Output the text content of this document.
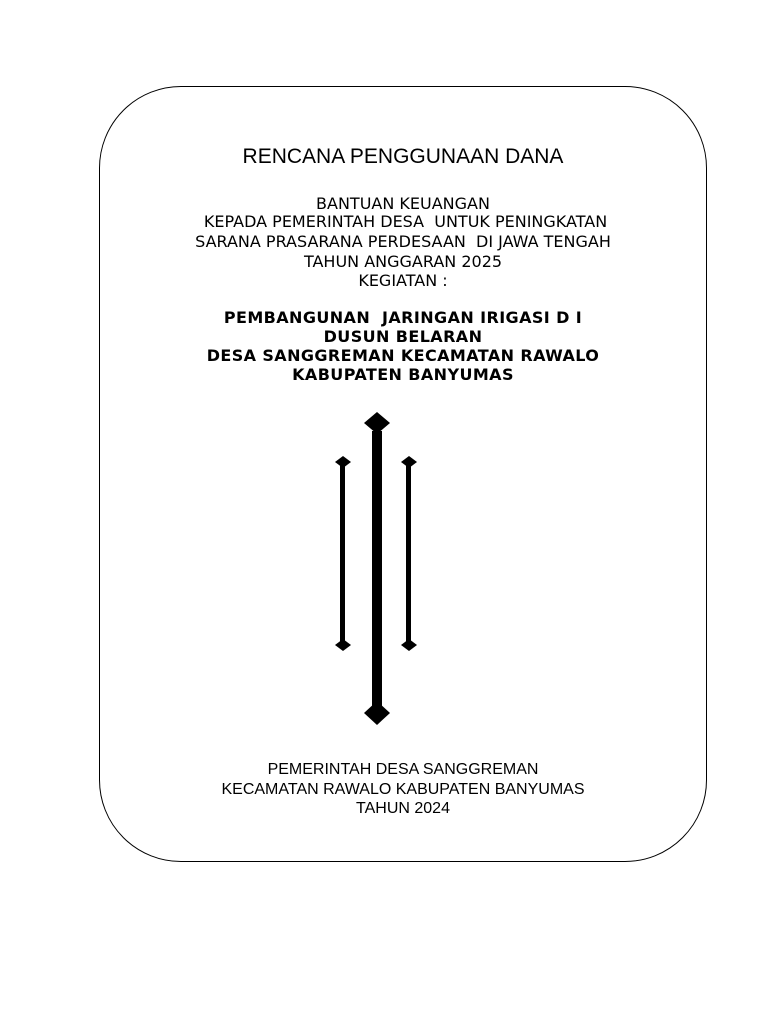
RENCANA PENGGUNAAN DANA
BANTUAN KEUANGAN
KEPADA PEMERINTAH DESA  UNTUK PENINGKATAN
SARANA PRASARANA PERDESAAN  DI JAWA TENGAH
TAHUN ANGGARAN 2025
KEGIATAN :
PEMBANGUNAN  JARINGAN IRIGASI D I
DUSUN BELARAN
DESA SANGGREMAN KECAMATAN RAWALO
KABUPATEN BANYUMAS
PEMERINTAH DESA SANGGREMAN
KECAMATAN RAWALO KABUPATEN BANYUMAS
TAHUN 2024
